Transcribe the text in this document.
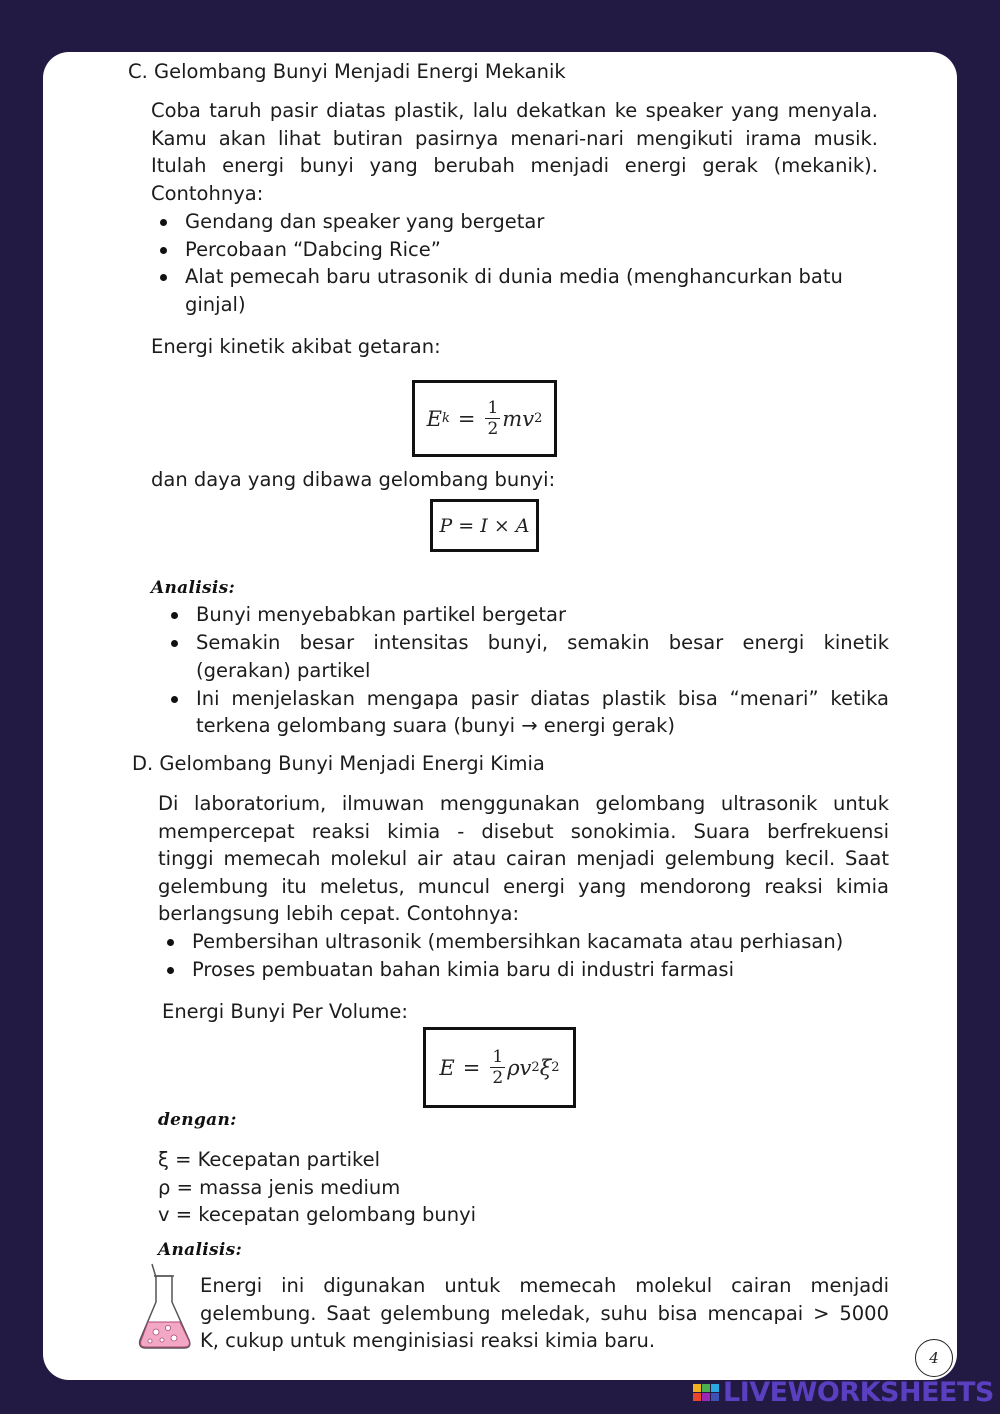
C. Gelombang Bunyi Menjadi Energi Mekanik
Coba taruh pasir diatas plastik, lalu dekatkan ke speaker yang menyala.
Kamu akan lihat butiran pasirnya menari-nari mengikuti irama musik.
Itulah energi bunyi yang berubah menjadi energi gerak (mekanik).
Contohnya:
Gendang dan speaker yang bergetar
Percobaan “Dabcing Rice”
Alat pemecah baru utrasonik di dunia media (menghancurkan batu
ginjal)
Energi kinetik akibat getaran:
E $k = \frac{1}{2}$ mv 2
dan daya yang dibawa gelombang bunyi:
P = I × A
Analisis:
Bunyi menyebabkan partikel bergetar
Semakin besar intensitas bunyi, semakin besar energi kinetik
(gerakan) partikel
Ini menjelaskan mengapa pasir diatas plastik bisa “menari” ketika
terkena gelombang suara (bunyi → energi gerak)
D. Gelombang Bunyi Menjadi Energi Kimia
Di laboratorium, ilmuwan menggunakan gelombang ultrasonik untuk
mempercepat reaksi kimia - disebut sonokimia. Suara berfrekuensi
tinggi memecah molekul air atau cairan menjadi gelembung kecil. Saat
gelembung itu meletus, muncul energi yang mendorong reaksi kimia
berlangsung lebih cepat. Contohnya:
Pembersihan ultrasonik (membersihkan kacamata atau perhiasan)
Proses pembuatan bahan kimia baru di industri farmasi
Energi Bunyi Per Volume:
$E = \frac{1}{2}$ ρv 2 ξ 2
dengan:
ξ = Kecepatan partikel
ρ = massa jenis medium
v = kecepatan gelombang bunyi
Analisis:
Energi ini digunakan untuk memecah molekul cairan menjadi
gelembung. Saat gelembung meledak, suhu bisa mencapai > 5000
K, cukup untuk menginisiasi reaksi kimia baru.
4
LIVEWORKSHEETS
